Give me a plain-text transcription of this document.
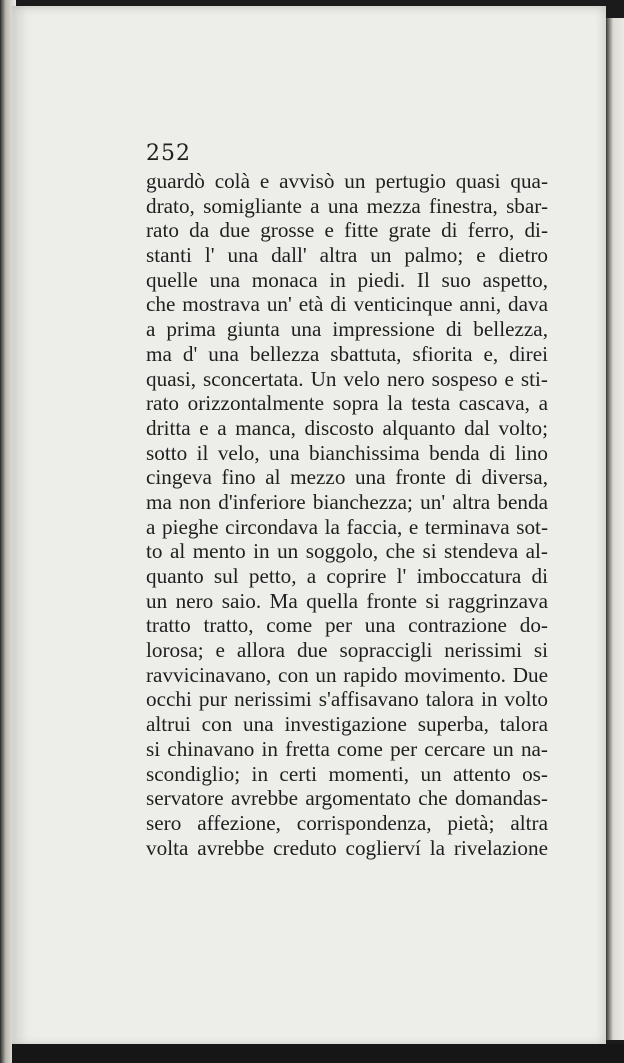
252
guardò colà e avvisò un pertugio quasi qua-
drato, somigliante a una mezza finestra, sbar-
rato da due grosse e fitte grate di ferro, di-
stanti l' una dall' altra un palmo; e dietro
quelle una monaca in piedi. Il suo aspetto,
che mostrava un' età di venticinque anni, dava
a prima giunta una impressione di bellezza,
ma d' una bellezza sbattuta, sfiorita e, direi
quasi, sconcertata. Un velo nero sospeso e sti-
rato orizzontalmente sopra la testa cascava, a
dritta e a manca, discosto alquanto dal volto;
sotto il velo, una bianchissima benda di lino
cingeva fino al mezzo una fronte di diversa,
ma non d'inferiore bianchezza; un' altra benda
a pieghe circondava la faccia, e terminava sot-
to al mento in un soggolo, che si stendeva al-
quanto sul petto, a coprire l' imboccatura di
un nero saio. Ma quella fronte si raggrinzava
tratto tratto, come per una contrazione do-
lorosa; e allora due sopraccigli nerissimi si
ravvicinavano, con un rapido movimento. Due
occhi pur nerissimi s'affisavano talora in volto
altrui con una investigazione superba, talora
si chinavano in fretta come per cercare un na-
scondiglio; in certi momenti, un attento os-
servatore avrebbe argomentato che domandas-
sero affezione, corrispondenza, pietà; altra
volta avrebbe creduto coglierví la rivelazione
